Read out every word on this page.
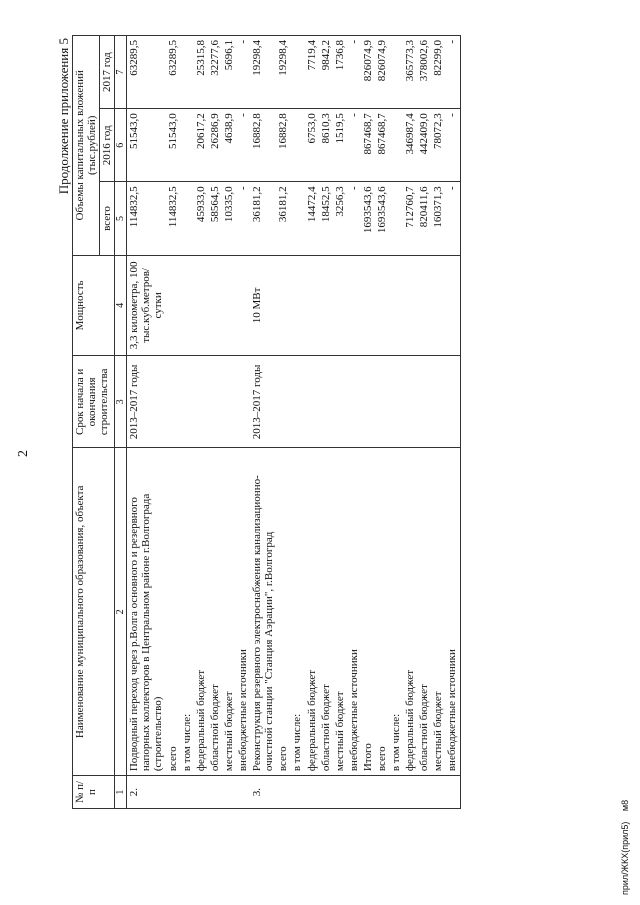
2
Продолжение приложения 5
№ п/п	Наименование муниципального образования, объекта	Срок начала и окончания строительства	Мощность	Объемы капитальных вложений (тыс.рублей)		
				всего	2016 год	2017 год

1	2	3	4	5	6	7
2.	Подводный переход через р.Волга основного и резервного напорных коллекторов в Центральном районе г.Волгограда (строительство)	2013–2017 годы	3,3 километра, 100 тыс.куб.метров/ сутки	114832,5	51543,0	63289,5
	всего			114832,5	51543,0	63289,5
	в том числе:					
	федеральный бюджет			45933,0	20617,2	25315,8
	областной бюджет			58564,5	26286,9	32277,6
	местный бюджет			10335,0	4638,9	5696,1
	внебюджетные источники			-	-	-
3.	Реконструкция резервного электроснабжения канализационно-очистной станции "Станция Аэрации", г.Волгоград	2013–2017 годы	10 МВт	36181,2	16882,8	19298,4
	всего			36181,2	16882,8	19298,4
	в том числе:					
	федеральный бюджет			14472,4	6753,0	7719,4
	областной бюджет			18452,5	8610,3	9842,2
	местный бюджет			3256,3	1519,5	1736,8
	внебюджетные источники			-	-	-
	Итого			1693543,6	867468,7	826074,9
	всего			1693543,6	867468,7	826074,9
	в том числе:					
	федеральный бюджет			712760,7	346987,4	365773,3
	областной бюджет			820411,6	442409,0	378002,6
	местный бюджет			160371,3	78072,3	82299,0
	внебюджетные источники			-	-	-
прил/ЖКХ(прил5) м8
